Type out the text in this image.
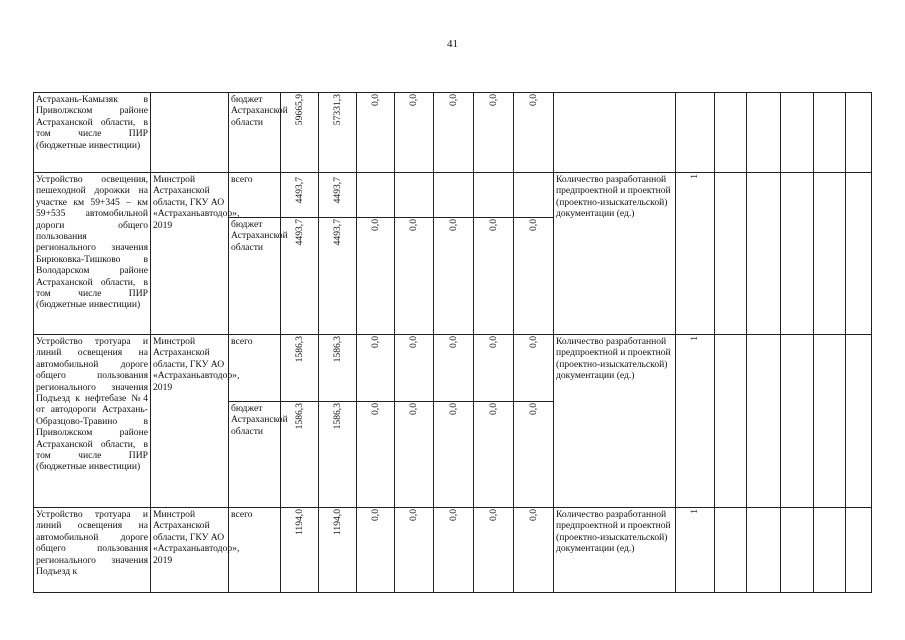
41
Астрахань-Камызяк в Приволжском районе Астраханской области, в том числе ПИР (бюджетные инвестиции)		бюджет Астраханской области	59665,9	57331,3	0,0	0,0	0,0	0,0	0,0							

Устройство освещения, пешеходной дорожки на участке км 59+345 – км 59+535 автомобильной дороги общего пользования регионального значения Бирюковка-Тишково в Володарском районе Астраханской области, в том числе ПИР (бюджетные инвестиции)	Минстрой Астраханской области, ГКУ АО «Астраханьавтодор», 2019	всего	4493,7	4493,7						Количество разработанной предпроектной и проектной (проектно-изыскательской) документации (ед.)	1					

		бюджет Астраханской области	4493,7	4493,7	0,0	0,0	0,0	0,0	0,0							

Устройство тротуара и линий освещения на автомобильной дороге общего пользования регионального значения Подъезд к нефтебазе №4 от автодороги Астрахань-Образцово-Травино в Приволжском районе Астраханской области, в том числе ПИР (бюджетные инвестиции)	Минстрой Астраханской области, ГКУ АО «Астраханьавтодор», 2019	всего	1586,3	1586,3	0,0	0,0	0,0	0,0	0,0	Количество разработанной предпроектной и проектной (проектно-изыскательской) документации (ед.)	1					

		бюджет Астраханской области	1586,3	1586,3	0,0	0,0	0,0	0,0	0,0							

Устройство тротуара и линий освещения на автомобильной дороге общего пользования регионального значения Подъезд к	Минстрой Астраханской области, ГКУ АО «Астраханьавтодор», 2019	всего	1194,0	1194,0	0,0	0,0	0,0	0,0	0,0	Количество разработанной предпроектной и проектной (проектно-изыскательской) документации (ед.)	1					
